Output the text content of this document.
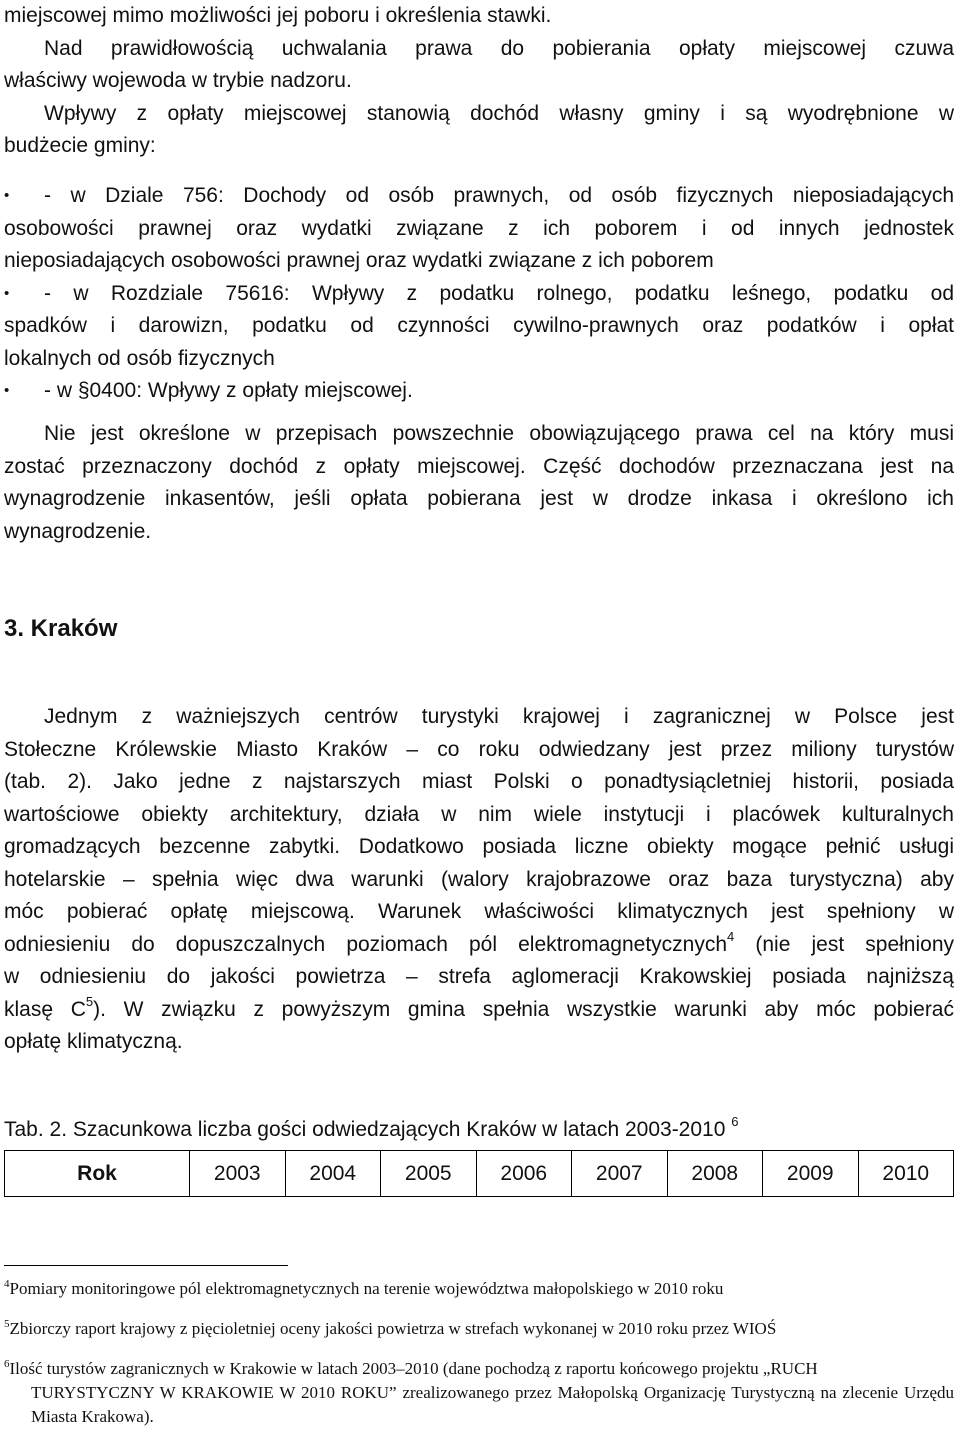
miejscowej mimo możliwości jej poboru i określenia stawki.
Nad prawidłowością uchwalania prawa do pobierania opłaty miejscowej czuwa
właściwy wojewoda w trybie nadzoru.
Wpływy z opłaty miejscowej stanowią dochód własny gminy i są wyodrębnione w
budżecie gminy:
• - w Dziale 756: Dochody od osób prawnych, od osób fizycznych nieposiadających
osobowości prawnej oraz wydatki związane z ich poborem i od innych jednostek
nieposiadających osobowości prawnej oraz wydatki związane z ich poborem
• - w Rozdziale 75616: Wpływy z podatku rolnego, podatku leśnego, podatku od
spadków i darowizn, podatku od czynności cywilno-prawnych oraz podatków i opłat
lokalnych od osób fizycznych
• - w §0400: Wpływy z opłaty miejscowej.
Nie jest określone w przepisach powszechnie obowiązującego prawa cel na który musi
zostać przeznaczony dochód z opłaty miejscowej. Część dochodów przeznaczana jest na
wynagrodzenie inkasentów, jeśli opłata pobierana jest w drodze inkasa i określono ich
wynagrodzenie.
3. Kraków
Jednym z ważniejszych centrów turystyki krajowej i zagranicznej w Polsce jest
Stołeczne Królewskie Miasto Kraków – co roku odwiedzany jest przez miliony turystów
(tab. 2). Jako jedne z najstarszych miast Polski o ponadtysiącletniej historii, posiada
wartościowe obiekty architektury, działa w nim wiele instytucji i placówek kulturalnych
gromadzących bezcenne zabytki. Dodatkowo posiada liczne obiekty mogące pełnić usługi
hotelarskie – spełnia więc dwa warunki (walory krajobrazowe oraz baza turystyczna) aby
móc pobierać opłatę miejscową. Warunek właściwości klimatycznych jest spełniony w
odniesieniu do dopuszczalnych poziomach pól elektromagnetycznych$^4$ (nie jest spełniony
w odniesieniu do jakości powietrza – strefa aglomeracji Krakowskiej posiada najniższą
klasę C$^5$). W związku z powyższym gmina spełnia wszystkie warunki aby móc pobierać
opłatę klimatyczną.
Tab. 2. Szacunkowa liczba gości odwiedzających Kraków w latach 2003-2010 $^6$
Rok	2003	2004	2005	2006	2007	2008	2009	2010

$^4$Pomiary monitoringowe pól elektromagnetycznych na terenie województwa małopolskiego w 2010 roku

$^5$Zbiorczy raport krajowy z pięcioletniej oceny jakości powietrza w strefach wykonanej w 2010 roku przez WIOŚ

$^6$Ilość turystów zagranicznych w Krakowie w latach 2003–2010 (dane pochodzą z raportu końcowego projektu „RUCH

TURYSTYCZNY W KRAKOWIE W 2010 ROKU” zrealizowanego przez Małopolską Organizację Turystyczną na zlecenie Urzędu Miasta Krakowa).
